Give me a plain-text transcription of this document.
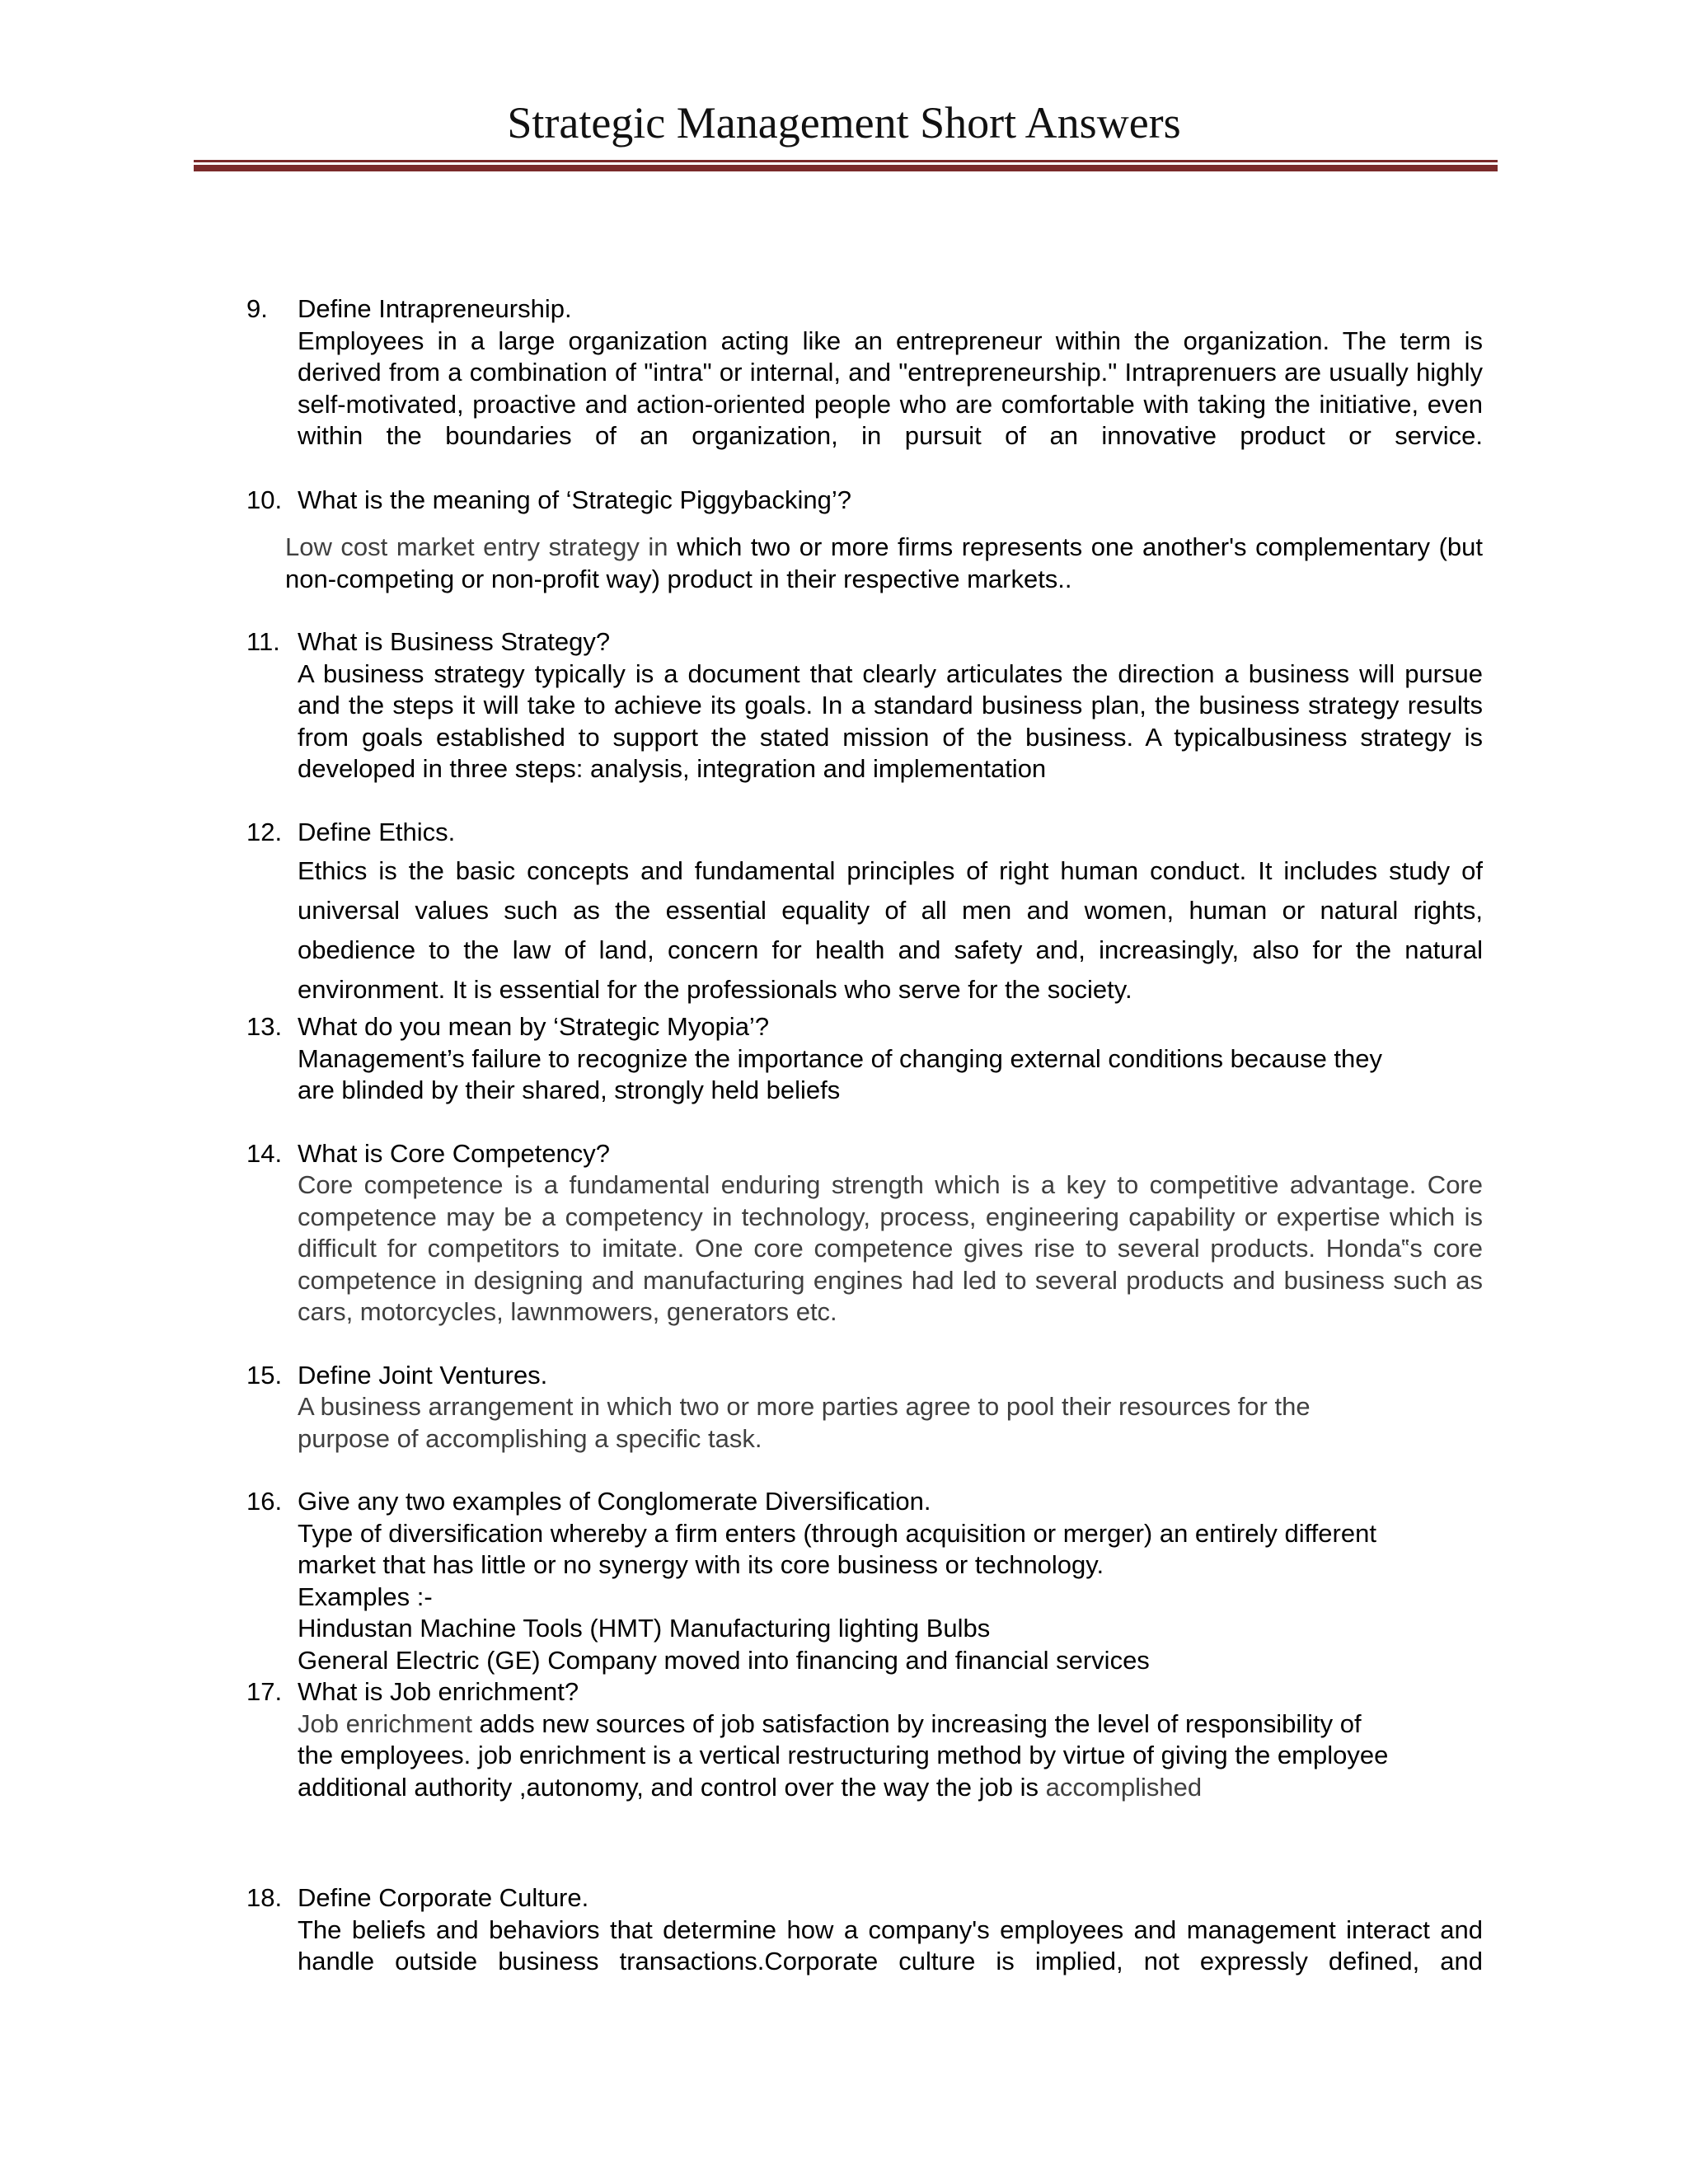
Strategic Management Short Answers
9. Define Intrapreneurship.
Employees in a large organization acting like an entrepreneur within the organization. The term is derived from a combination of "intra" or internal, and "entrepreneurship." Intraprenuers are usually highly self-motivated, proactive and action-oriented people who are comfortable with taking the initiative, even within the boundaries of an organization, in pursuit of an innovative product or service.
10. What is the meaning of ‘Strategic Piggybacking’?
Low cost market entry strategy in which two or more firms represents one another's complementary (but non-competing or non-profit way) product in their respective markets..
11. What is Business Strategy?
A business strategy typically is a document that clearly articulates the direction a business will pursue and the steps it will take to achieve its goals. In a standard business plan, the business strategy results from goals established to support the stated mission of the business. A typicalbusiness strategy is developed in three steps: analysis, integration and implementation
12. Define Ethics.
Ethics is the basic concepts and fundamental principles of right human conduct. It includes study of universal values such as the essential equality of all men and women, human or natural rights, obedience to the law of land, concern for health and safety and, increasingly, also for the natural environment. It is essential for the professionals who serve for the society.
13. What do you mean by ‘Strategic Myopia’?
Management’s failure to recognize the importance of changing external conditions because they
are blinded by their shared, strongly held beliefs
14. What is Core Competency?
Core competence is a fundamental enduring strength which is a key to competitive advantage. Core competence may be a competency in technology, process, engineering capability or expertise which is difficult for competitors to imitate. One core competence gives rise to several products. Honda‟s core competence in designing and manufacturing engines had led to several products and business such as cars, motorcycles, lawnmowers, generators etc.
15. Define Joint Ventures.
A business arrangement in which two or more parties agree to pool their resources for the
purpose of accomplishing a specific task.
16. Give any two examples of Conglomerate Diversification.
Type of diversification whereby a firm enters (through acquisition or merger) an entirely different
market that has little or no synergy with its core business or technology.
Examples :-
Hindustan Machine Tools (HMT) Manufacturing lighting Bulbs
General Electric (GE) Company moved into financing and financial services
17. What is Job enrichment?
Job enrichment adds new sources of job satisfaction by increasing the level of responsibility of
the employees. job enrichment is a vertical restructuring method by virtue of giving the employee
additional authority ,autonomy, and control over the way the job is accomplished
18. Define Corporate Culture.
The beliefs and behaviors that determine how a company's employees and management interact and handle outside business transactions.Corporate culture is implied, not expressly defined, and
